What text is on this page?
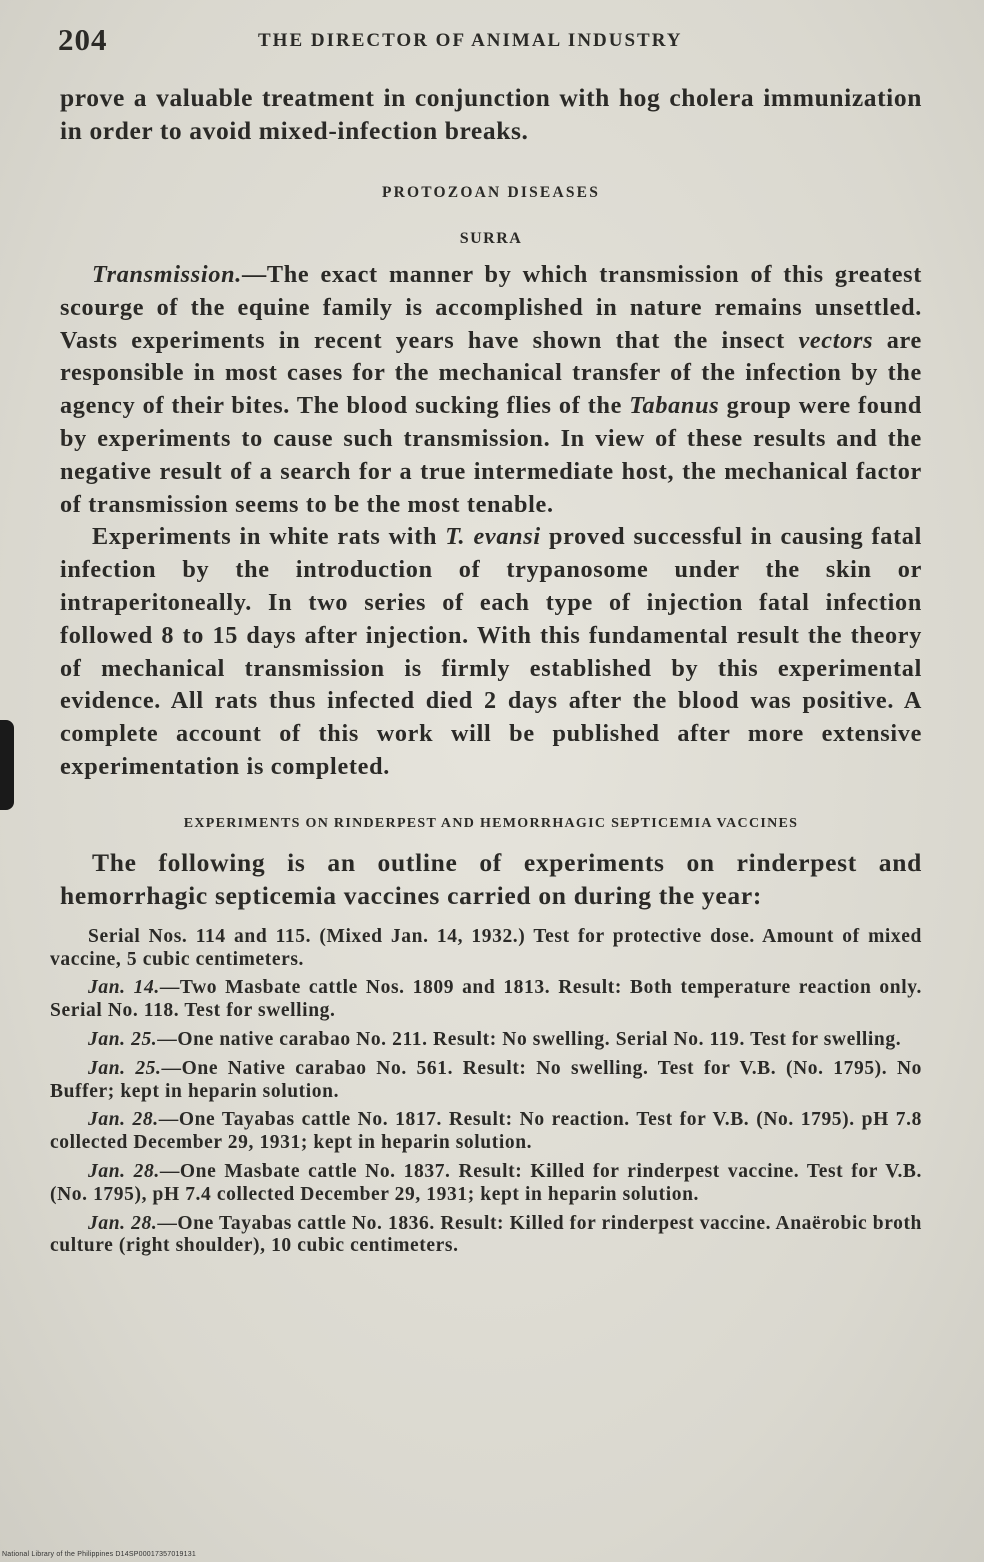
204	THE DIRECTOR OF ANIMAL INDUSTRY

prove a valuable treatment in conjunction with hog cholera immunization in order to avoid mixed-infection breaks.

PROTOZOAN DISEASES
SURRA

Transmission.—The exact manner by which transmission of this greatest scourge of the equine family is accomplished in nature remains unsettled. Vasts experiments in recent years have shown that the insect vectors are responsible in most cases for the mechanical transfer of the infection by the agency of their bites. The blood sucking flies of the Tabanus group were found by experiments to cause such transmission. In view of these results and the negative result of a search for a true intermediate host, the mechanical factor of transmission seems to be the most tenable.

Experiments in white rats with T. evansi proved successful in causing fatal infection by the introduction of trypanosome under the skin or intraperitoneally. In two series of each type of injection fatal infection followed 8 to 15 days after injection. With this fundamental result the theory of mechanical transmission is firmly established by this experimental evidence. All rats thus infected died 2 days after the blood was positive. A complete account of this work will be published after more extensive experimentation is completed.

EXPERIMENTS ON RINDERPEST AND HEMORRHAGIC SEPTICEMIA VACCINES

The following is an outline of experiments on rinderpest and hemorrhagic septicemia vaccines carried on during the year:

Serial Nos. 114 and 115. (Mixed Jan. 14, 1932.) Test for protective dose. Amount of mixed vaccine, 5 cubic centimeters.

Jan. 14.—Two Masbate cattle Nos. 1809 and 1813. Result: Both temperature reaction only. Serial No. 118. Test for swelling.

Jan. 25.—One native carabao No. 211. Result: No swelling. Serial No. 119. Test for swelling.

Jan. 25.—One Native carabao No. 561. Result: No swelling. Test for V.B. (No. 1795). No Buffer; kept in heparin solution.

Jan. 28.—One Tayabas cattle No. 1817. Result: No reaction. Test for V.B. (No. 1795). pH 7.8 collected December 29, 1931; kept in heparin solution.

Jan. 28.—One Masbate cattle No. 1837. Result: Killed for rinderpest vaccine. Test for V.B. (No. 1795), pH 7.4 collected December 29, 1931; kept in heparin solution.

Jan. 28.—One Tayabas cattle No. 1836. Result: Killed for rinderpest vaccine. Anaërobic broth culture (right shoulder), 10 cubic centimeters.

National Library of the Philippines D14SP00017357019131
